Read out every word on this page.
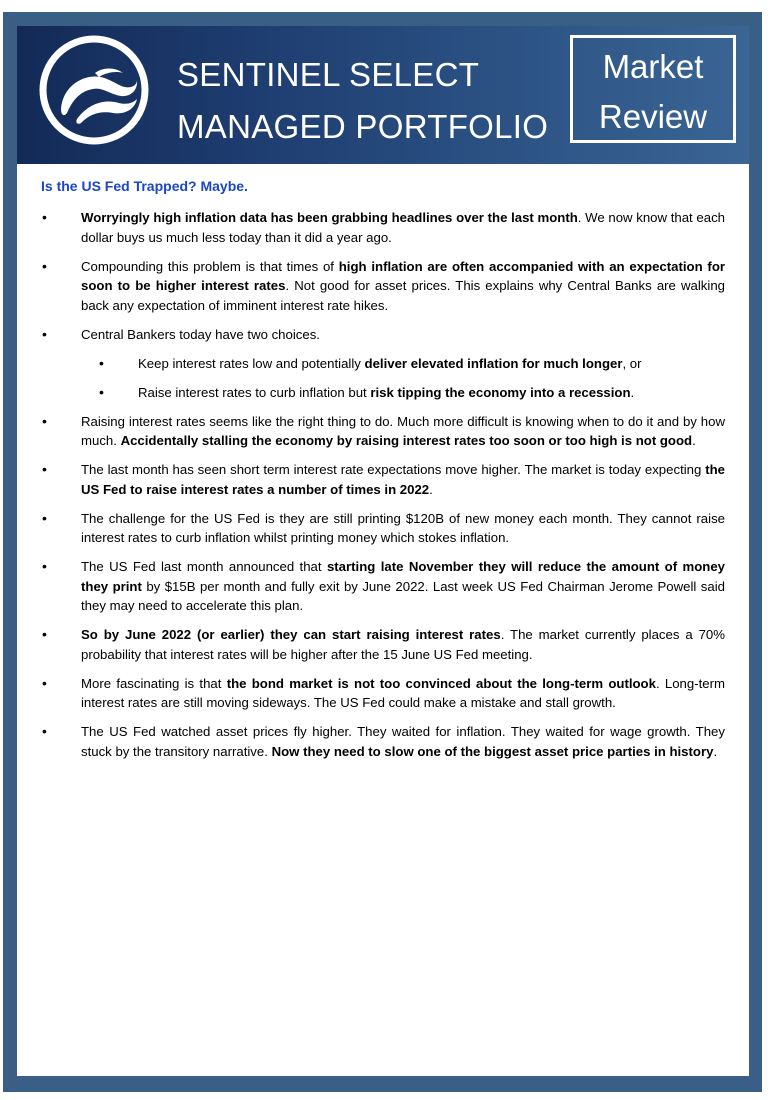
SENTINEL SELECT
MANAGED PORTFOLIO
Market
Review
Is the US Fed Trapped? Maybe.
•	Worryingly high inflation data has been grabbing headlines over the last month. We now know that each dollar buys us much less today than it did a year ago.
•	Compounding this problem is that times of high inflation are often accompanied with an expectation for soon to be higher interest rates. Not good for asset prices. This explains why Central Banks are walking back any expectation of imminent interest rate hikes.
•	Central Bankers today have two choices.
•	Keep interest rates low and potentially deliver elevated inflation for much longer, or
•	Raise interest rates to curb inflation but risk tipping the economy into a recession.
•	Raising interest rates seems like the right thing to do. Much more difficult is knowing when to do it and by how much. Accidentally stalling the economy by raising interest rates too soon or too high is not good.
•	The last month has seen short term interest rate expectations move higher. The market is today expecting the US Fed to raise interest rates a number of times in 2022.
•	The challenge for the US Fed is they are still printing $120B of new money each month. They cannot raise interest rates to curb inflation whilst printing money which stokes inflation.
•	The US Fed last month announced that starting late November they will reduce the amount of money they print by $15B per month and fully exit by June 2022. Last week US Fed Chairman Jerome Powell said they may need to accelerate this plan.
•	So by June 2022 (or earlier) they can start raising interest rates. The market currently places a 70% probability that interest rates will be higher after the 15 June US Fed meeting.
•	More fascinating is that the bond market is not too convinced about the long-term outlook. Long-term interest rates are still moving sideways. The US Fed could make a mistake and stall growth.
•	The US Fed watched asset prices fly higher. They waited for inflation. They waited for wage growth. They stuck by the transitory narrative. Now they need to slow one of the biggest asset price parties in history.
